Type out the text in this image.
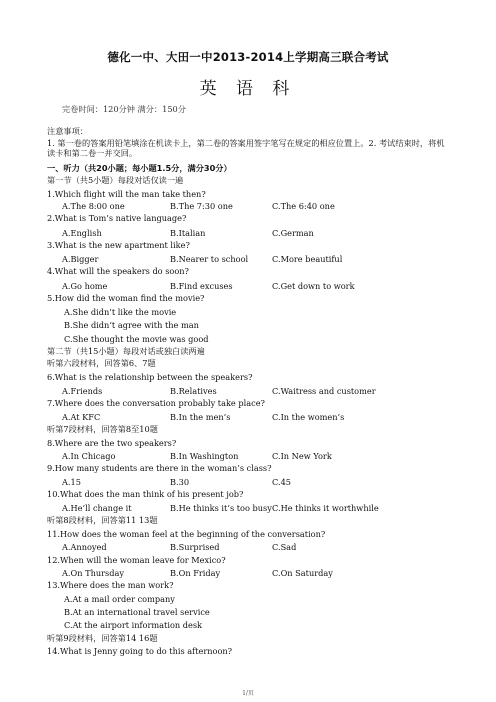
德化一中、大田一中2013-2014上学期高三联合考试
英 语 科
完卷时间：120分钟 满分：150分
注意事项：
1. 第一卷的答案用铅笔填涂在机读卡上，第二卷的答案用签字笔写在规定的相应位置上。2. 考试结束时，将机读卡和第二卷一并交回。
一、听力（共20小题；每小题1.5分，满分30分）
第一节（共5小题）每段对话仅读一遍
1.Which flight will the man take then?
A.The 8:00 one	B.The 7:30 one	C.The 6:40 one
2.What is Tom’s native language?
A.English	B.Italian	C.German
3.What is the new apartment like?
A.Bigger	B.Nearer to school	C.More beautiful
4.What will the speakers do soon?
A.Go home	B.Find excuses	C.Get down to work
5.How did the woman find the movie?
A.She didn’t like the movie
B.She didn’t agree with the man
C.She thought the movie was good
第二节（共15小题）每段对话或独白读两遍
听第六段材料，回答第6、7题
6.What is the relationship between the speakers?
A.Friends	B.Relatives	C.Waitress and customer
7.Where does the conversation probably take place?
A.At KFC	B.In the men’s	C.In the women’s
听第7段材料，回答第8至10题
8.Where are the two speakers?
A.In Chicago	B.In Washington	C.In New York
9.How many students are there in the woman’s class?
A.15	B.30	C.45
10.What does the man think of his present job?
A.He’ll change it	B.He thinks it’s too busy C.He thinks it worthwhile
听第8段材料，回答第11 13题
11.How does the woman feel at the beginning of the conversation?
A.Annoyed	B.Surprised	C.Sad
12.When will the woman leave for Mexico?
A.On Thursday	B.On Friday	C.On Saturday
13.Where does the man work?
A.At a mail order company
B.At an international travel service
C.At the airport information desk
听第9段材料，回答第14 16题
14.What is Jenny going to do this afternoon?
1/页
